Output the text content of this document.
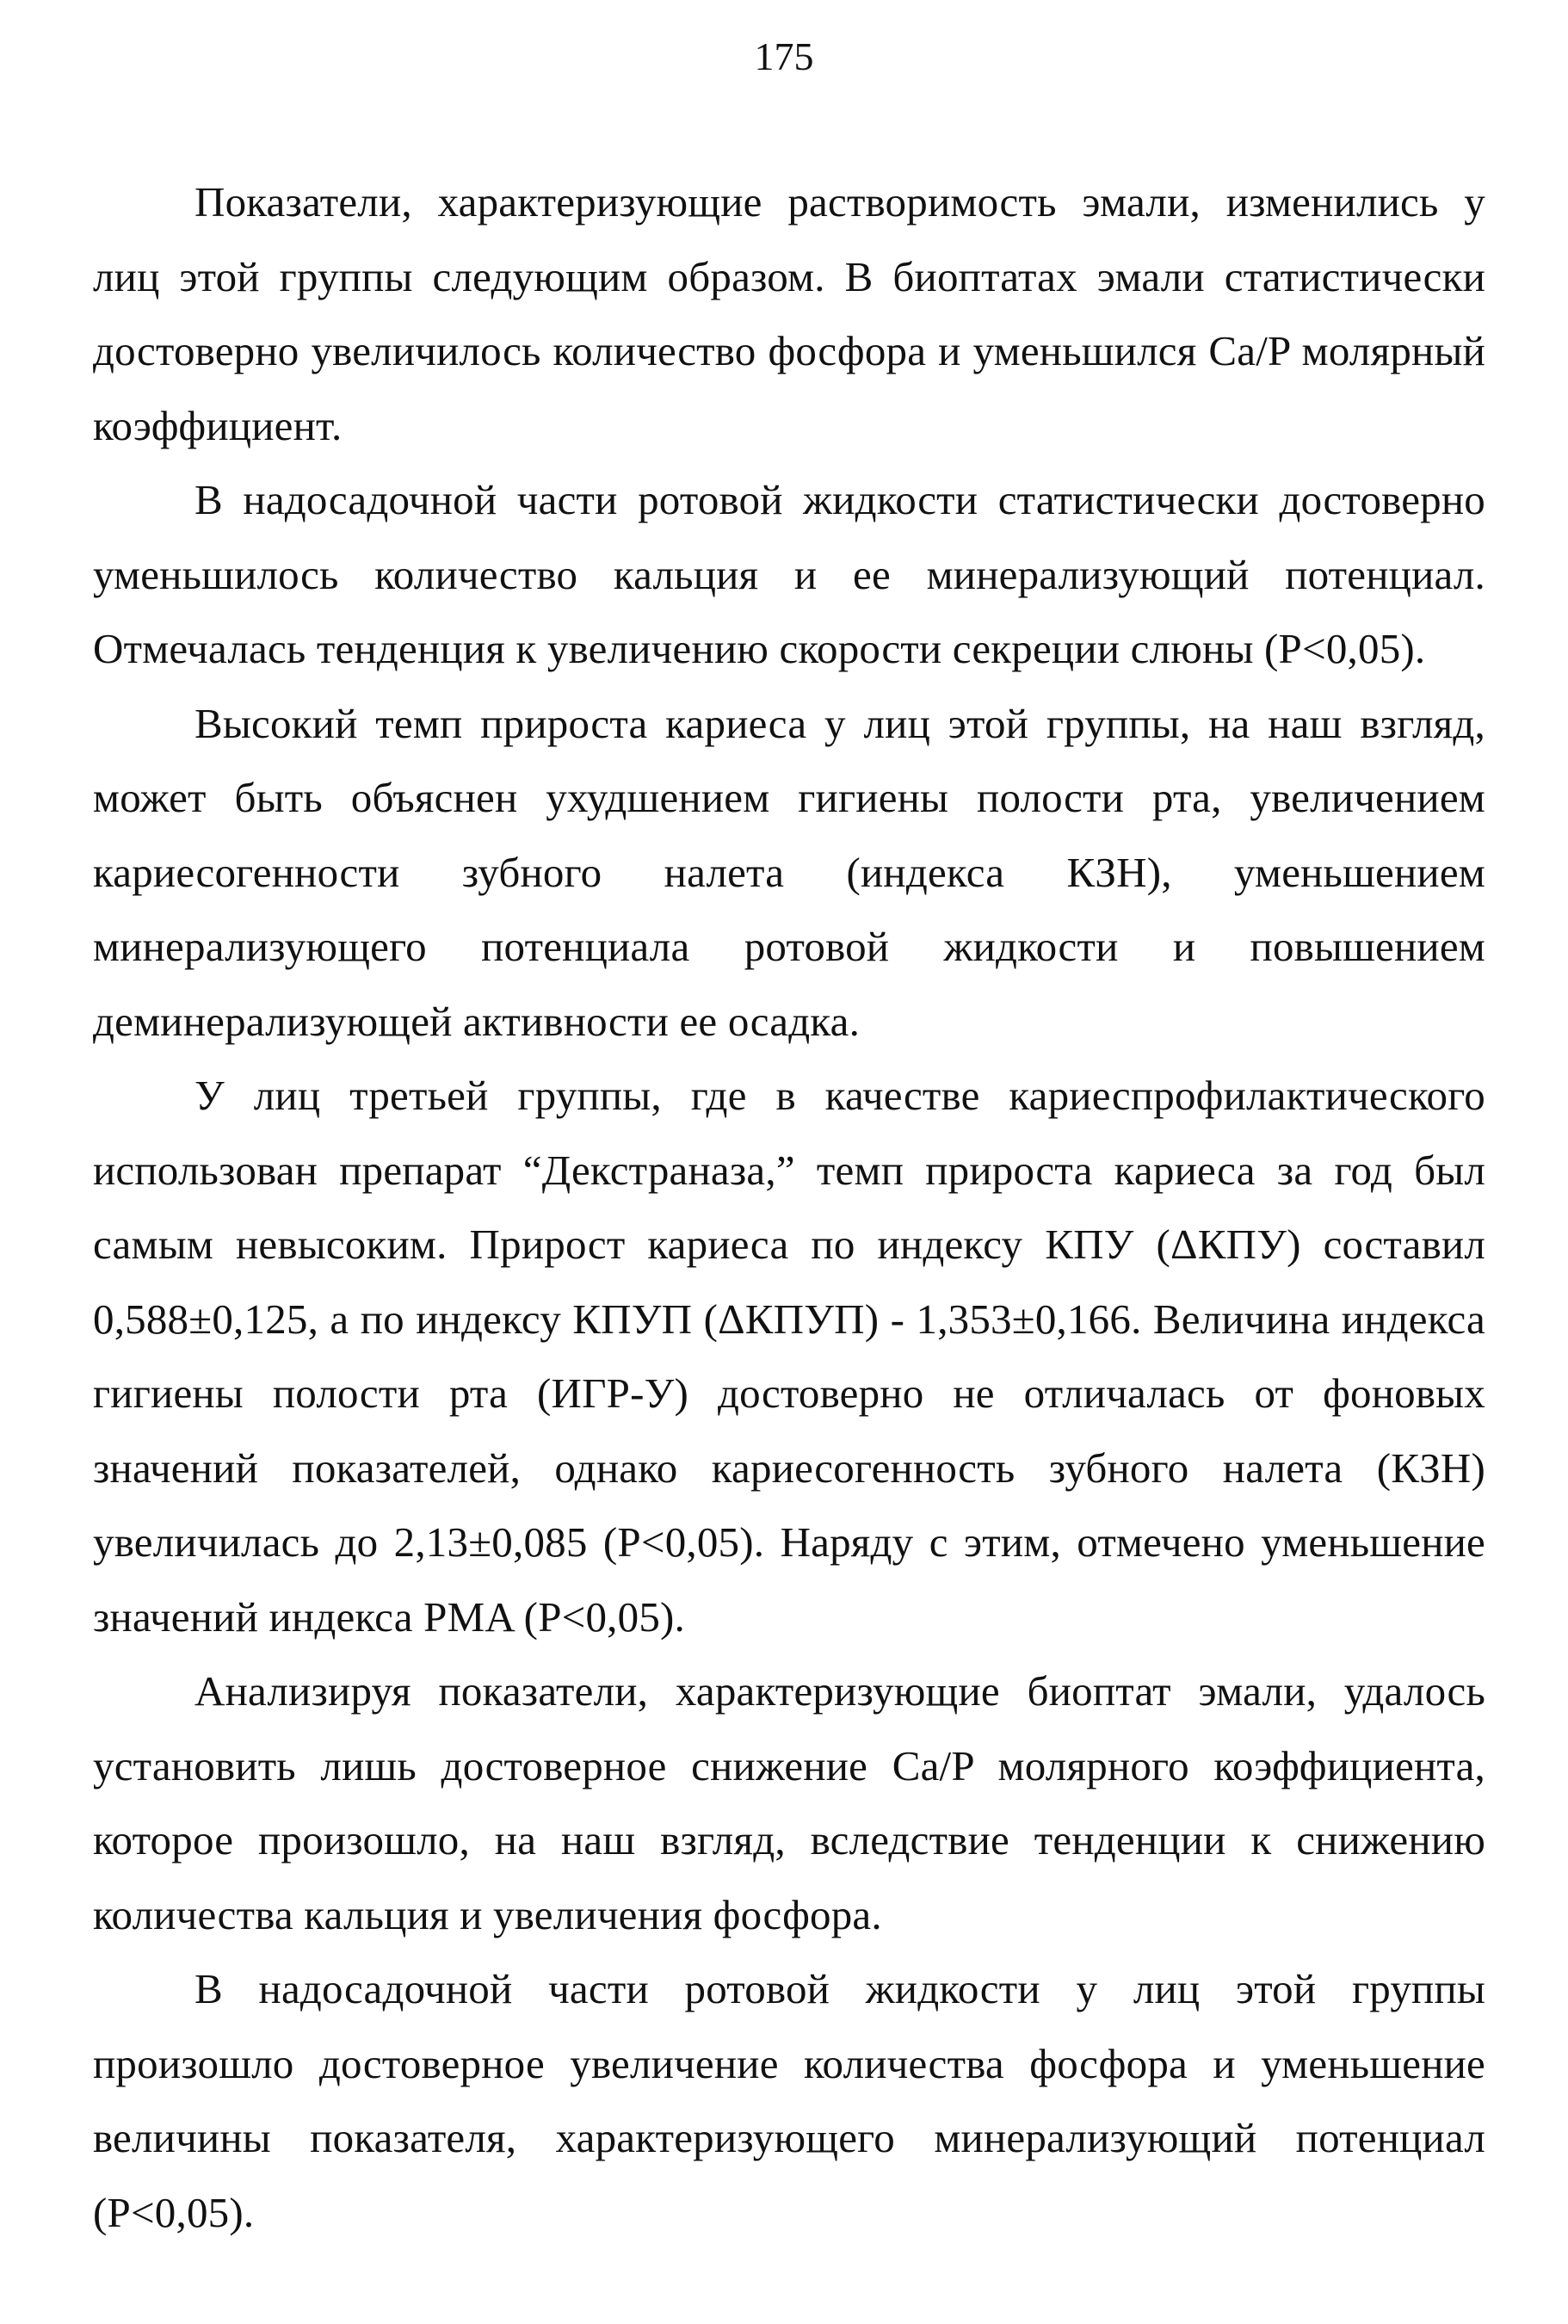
175

Показатели, характеризующие растворимость эмали, изменились у лиц этой группы следующим образом. В биоптатах эмали статистически достоверно увеличилось количество фосфора и уменьшился Ca/P молярный коэффициент.

В надосадочной части ротовой жидкости статистически достоверно уменьшилось количество кальция и ее минерализующий потенциал. Отмечалась тенденция к увеличению скорости секреции слюны (P<0,05).

Высокий темп прироста кариеса у лиц этой группы, на наш взгляд, может быть объяснен ухудшением гигиены полости рта, увеличением кариесогенности зубного налета (индекса КЗН), уменьшением минерализующего потенциала ротовой жидкости и повышением деминерализующей активности ее осадка.

У лиц третьей группы, где в качестве кариеспрофилактического использован препарат “Декстраназа,” темп прироста кариеса за год был самым невысоким. Прирост кариеса по индексу КПУ (ΔКПУ) составил 0,588±0,125, а по индексу КПУП (ΔКПУП) - 1,353±0,166. Величина индекса гигиены полости рта (ИГР-У) достоверно не отличалась от фоновых значений показателей, однако кариесогенность зубного налета (КЗН) увеличилась до 2,13±0,085 (P<0,05). Наряду с этим, отмечено уменьшение значений индекса PMA (P<0,05).

Анализируя показатели, характеризующие биоптат эмали, удалось установить лишь достоверное снижение Ca/P молярного коэффициента, которое произошло, на наш взгляд, вследствие тенденции к снижению количества кальция и увеличения фосфора.

В надосадочной части ротовой жидкости у лиц этой группы произошло достоверное увеличение количества фосфора и уменьшение величины показателя, характеризующего минерализующий потенциал (P<0,05).
